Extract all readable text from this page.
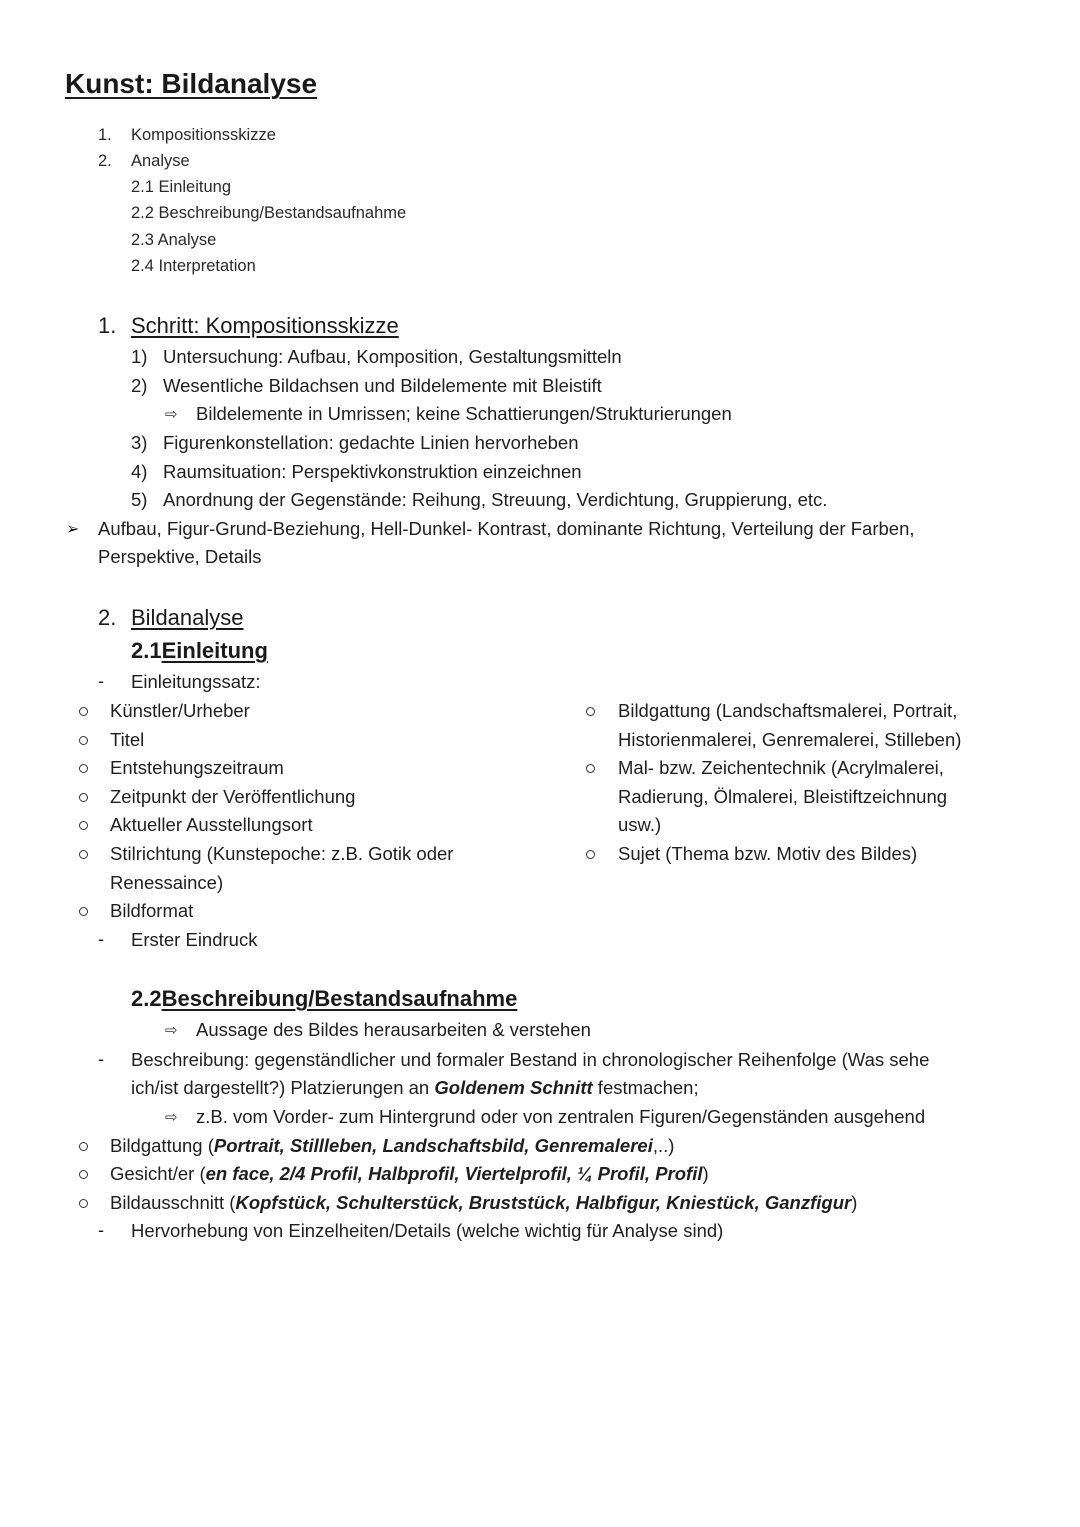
Kunst: Bildanalyse
1. Kompositionsskizze
2. Analyse
2.1 Einleitung
2.2 Beschreibung/Bestandsaufnahme
2.3 Analyse
2.4 Interpretation
1. Schritt: Kompositionsskizze
1) Untersuchung: Aufbau, Komposition, Gestaltungsmitteln
2) Wesentliche Bildachsen und Bildelemente mit Bleistift
⇨ Bildelemente in Umrissen; keine Schattierungen/Strukturierungen
3) Figurenkonstellation: gedachte Linien hervorheben
4) Raumsituation: Perspektivkonstruktion einzeichnen
5) Anordnung der Gegenstände: Reihung, Streuung, Verdichtung, Gruppierung, etc.
➢ Aufbau, Figur-Grund-Beziehung, Hell-Dunkel- Kontrast, dominante Richtung, Verteilung der Farben,
Perspektive, Details
2. Bildanalyse
2.1Einleitung
- Einleitungssatz:
Künstler/Urheber
Titel
Entstehungszeitraum
Zeitpunkt der Veröffentlichung
Aktueller Ausstellungsort
Stilrichtung (Kunstepoche: z.B. Gotik oder
Renessaince)
Bildformat
Bildgattung (Landschaftsmalerei, Portrait,
Historienmalerei, Genremalerei, Stilleben)
Mal- bzw. Zeichentechnik (Acrylmalerei,
Radierung, Ölmalerei, Bleistiftzeichnung
usw.)
Sujet (Thema bzw. Motiv des Bildes)
- Erster Eindruck
2.2Beschreibung/Bestandsaufnahme
⇨ Aussage des Bildes herausarbeiten & verstehen
- Beschreibung: gegenständlicher und formaler Bestand in chronologischer Reihenfolge (Was sehe
ich/ist dargestellt?) Platzierungen an Goldenem Schnitt festmachen;
⇨ z.B. vom Vorder- zum Hintergrund oder von zentralen Figuren/Gegenständen ausgehend
Bildgattung (Portrait, Stillleben, Landschaftsbild, Genremalerei,..)
Gesicht/er (en face, 2/4 Profil, Halbprofil, Viertelprofil, ¼ Profil, Profil)
Bildausschnitt (Kopfstück, Schulterstück, Bruststück, Halbfigur, Kniestück, Ganzfigur)
- Hervorhebung von Einzelheiten/Details (welche wichtig für Analyse sind)
